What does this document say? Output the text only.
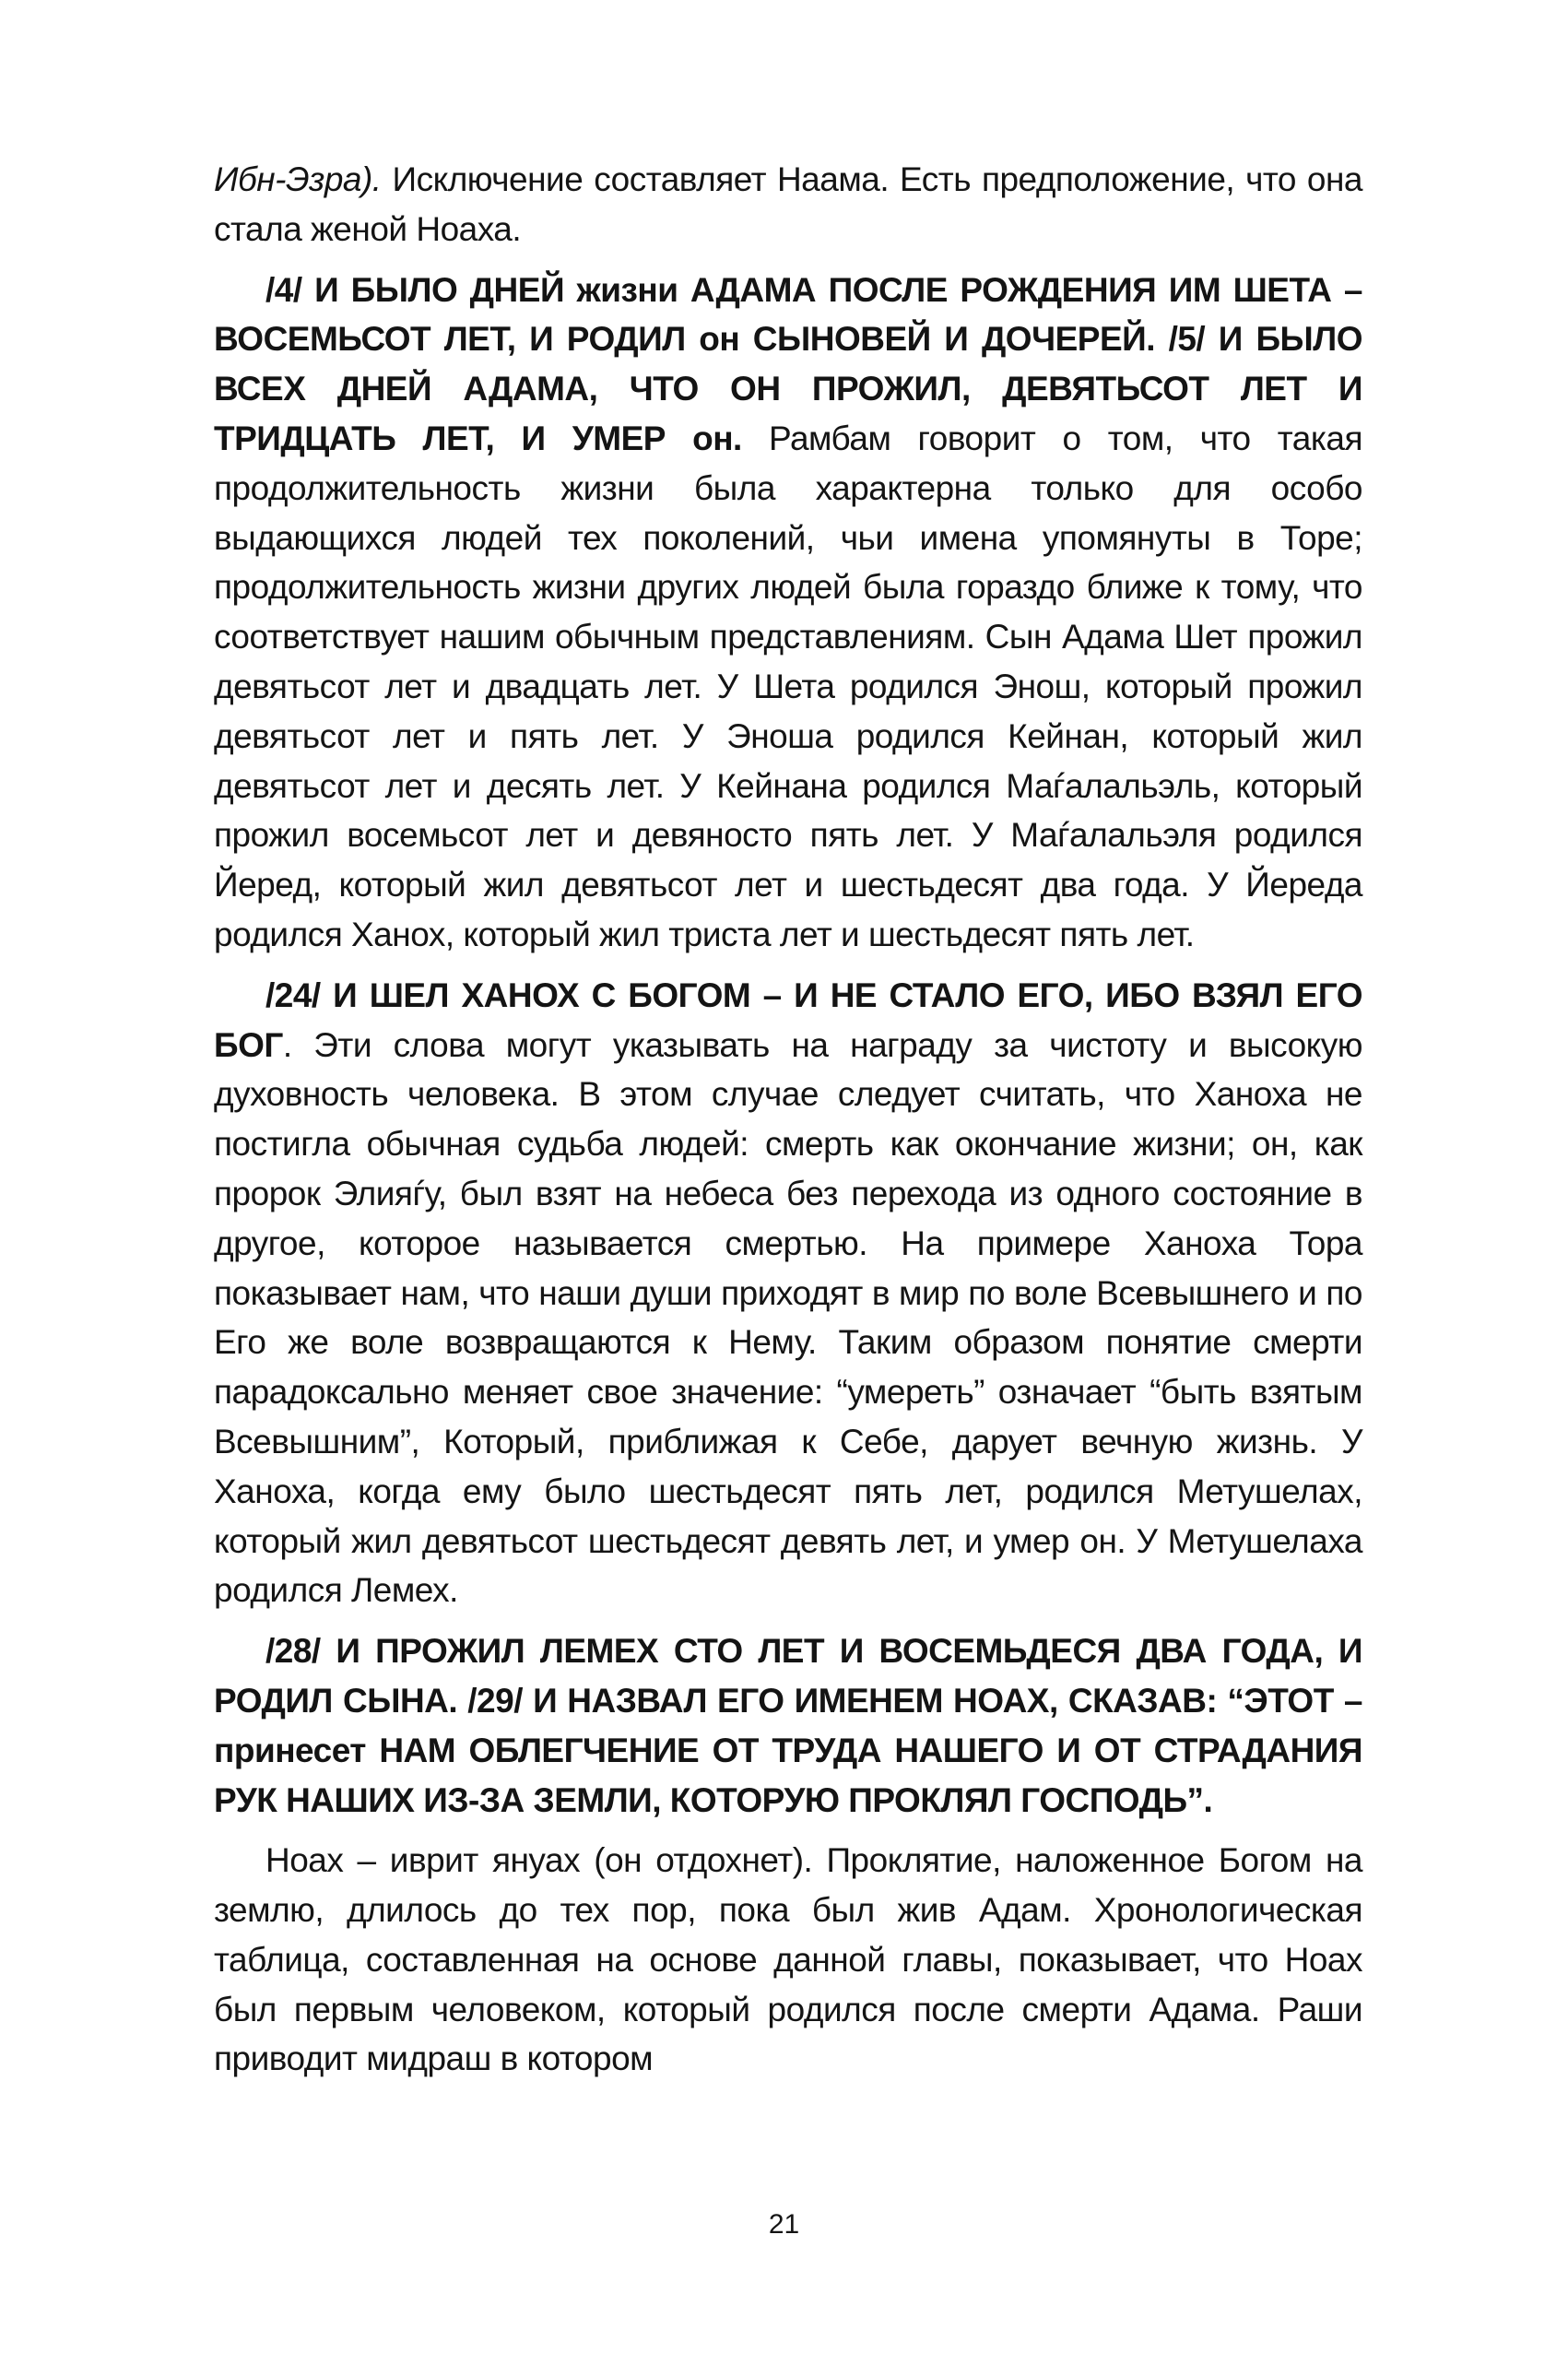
Ибн-Эзра). Исключение составляет Наама. Есть предположение, что она стала женой Ноаха.

/4/ И БЫЛО ДНЕЙ жизни АДАМА ПОСЛЕ РОЖДЕНИЯ ИМ ШЕТА – ВОСЕМЬСОТ ЛЕТ, И РОДИЛ он СЫНОВЕЙ И ДОЧЕРЕЙ. /5/ И БЫЛО ВСЕХ ДНЕЙ АДАМА, ЧТО ОН ПРОЖИЛ, ДЕВЯТЬСОТ ЛЕТ И ТРИДЦАТЬ ЛЕТ, И УМЕР он. Рамбам говорит о том, что такая продолжительность жизни была характерна только для особо выдающихся людей тех поколений, чьи имена упомянуты в Торе; продолжительность жизни других людей была гораздо ближе к тому, что соответствует нашим обычным представлениям. Сын Адама Шет прожил девятьсот лет и двадцать лет. У Шета родился Энош, который прожил девятьсот лет и пять лет. У Эноша родился Кейнан, который жил девятьсот лет и десять лет. У Кейнана родился Маѓалальэль, который прожил восемьсот лет и девяносто пять лет. У Маѓалальэля родился Йеред, который жил девятьсот лет и шестьдесят два года. У Йереда родился Ханох, который жил триста лет и шестьдесят пять лет.

/24/ И ШЕЛ ХАНОХ С БОГОМ – И НЕ СТАЛО ЕГО, ИБО ВЗЯЛ ЕГО БОГ. Эти слова могут указывать на награду за чистоту и высокую духовность человека. В этом случае следует считать, что Ханоха не постигла обычная судьба людей: смерть как окончание жизни; он, как пророк Элияѓу, был взят на небеса без перехода из одного состояние в другое, которое называется смертью. На примере Ханоха Тора показывает нам, что наши души приходят в мир по воле Всевышнего и по Его же воле возвращаются к Нему. Таким образом понятие смерти парадоксально меняет свое значение: “умереть” означает “быть взятым Всевышним”, Который, приближая к Себе, дарует вечную жизнь. У Ханоха, когда ему было шестьдесят пять лет, родился Метушелах, который жил девятьсот шестьдесят девять лет, и умер он. У Метушелаха родился Лемех.

/28/ И ПРОЖИЛ ЛЕМЕХ СТО ЛЕТ И ВОСЕМЬДЕСЯ ДВА ГОДА, И РОДИЛ СЫНА. /29/ И НАЗВАЛ ЕГО ИМЕНЕМ НОАХ, СКАЗАВ: “ЭТОТ – принесет НАМ ОБЛЕГЧЕНИЕ ОТ ТРУДА НАШЕГО И ОТ СТРАДАНИЯ РУК НАШИХ ИЗ-ЗА ЗЕМЛИ, КОТОРУЮ ПРОКЛЯЛ ГОСПОДЬ”.

Ноах – иврит януах (он отдохнет). Проклятие, наложенное Богом на землю, длилось до тех пор, пока был жив Адам. Хронологическая таблица, составленная на основе данной главы, показывает, что Ноах был первым человеком, который родился после смерти Адама. Раши приводит мидраш в котором

21
